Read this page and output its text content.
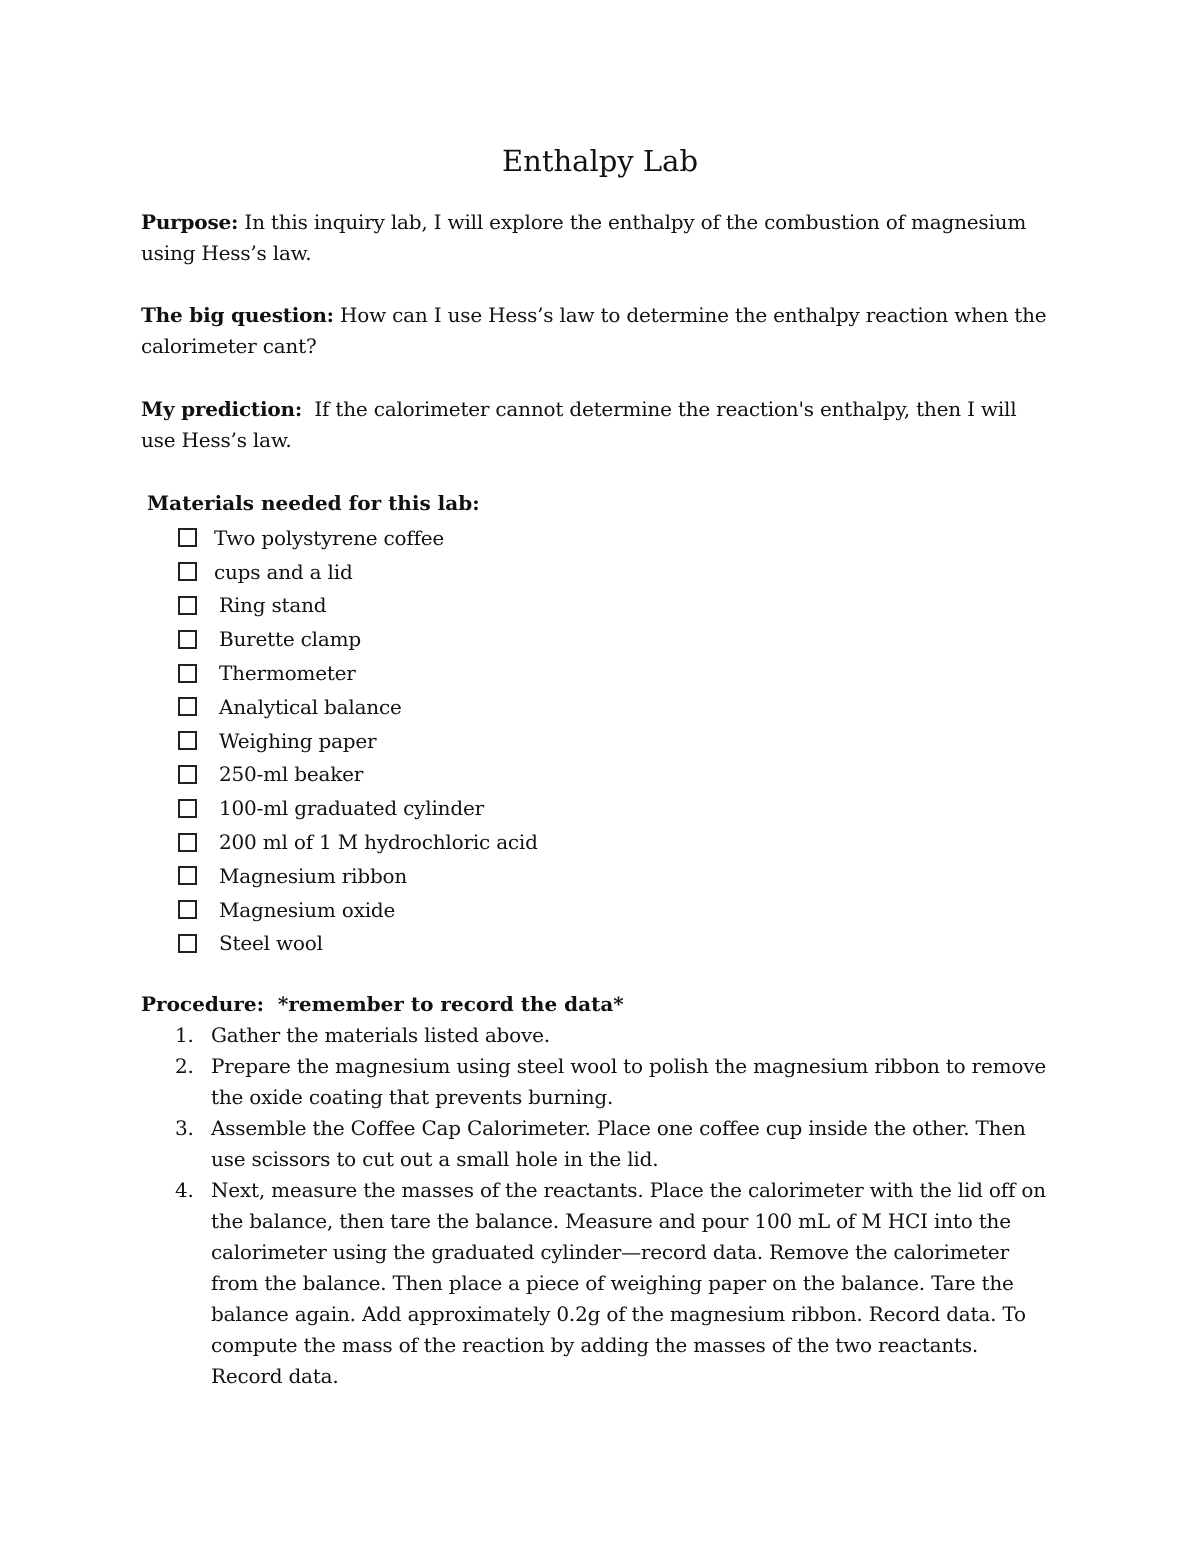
Enthalpy Lab

Purpose: In this inquiry lab, I will explore the enthalpy of the combustion of magnesium using Hess’s law.

The big question: How can I use Hess’s law to determine the enthalpy reaction when the calorimeter cant?

My prediction:  If the calorimeter cannot determine the reaction's enthalpy, then I will use Hess’s law.

Materials needed for this lab:

Two polystyrene coffee
cups and a lid
Ring stand
Burette clamp
Thermometer
Analytical balance
Weighing paper
250-ml beaker
100-ml graduated cylinder
200 ml of 1 M hydrochloric acid
Magnesium ribbon
Magnesium oxide
Steel wool

Procedure:  *remember to record the data*

1. Gather the materials listed above.
2. Prepare the magnesium using steel wool to polish the magnesium ribbon to remove the oxide coating that prevents burning.
3. Assemble the Coffee Cap Calorimeter. Place one coffee cup inside the other. Then use scissors to cut out a small hole in the lid.
4. Next, measure the masses of the reactants. Place the calorimeter with the lid off on the balance, then tare the balance. Measure and pour 100 mL of M HCI into the calorimeter using the graduated cylinder—record data. Remove the calorimeter from the balance. Then place a piece of weighing paper on the balance. Tare the balance again. Add approximately 0.2g of the magnesium ribbon. Record data. To compute the mass of the reaction by adding the masses of the two reactants. Record data.
